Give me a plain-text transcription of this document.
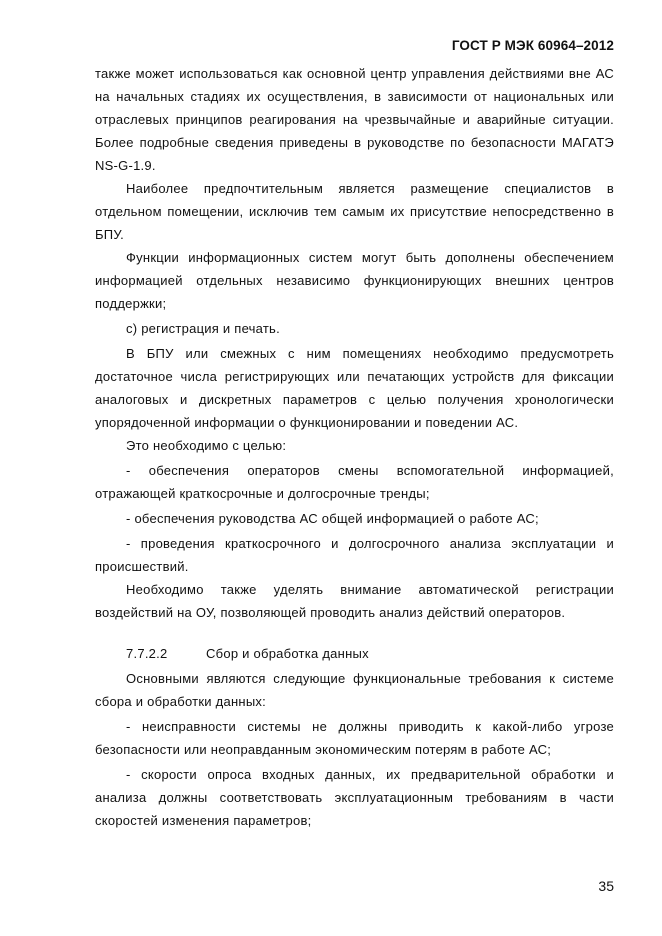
ГОСТ Р МЭК 60964–2012

также может использоваться как основной центр управления действиями вне АС на начальных стадиях их осуществления, в зависимости от национальных или отраслевых принципов реагирования на чрезвычайные и аварийные ситуации. Более подробные сведения приведены в руководстве по безопасности МАГАТЭ NS-G-1.9.

Наиболее предпочтительным является размещение специалистов в отдельном помещении, исключив тем самым их присутствие непосредственно в БПУ.

Функции информационных систем могут быть дополнены обеспечением информацией отдельных независимо функционирующих внешних центров поддержки;

с) регистрация и печать.

В БПУ или смежных с ним помещениях необходимо предусмотреть достаточное числа регистрирующих или печатающих устройств для фиксации аналоговых и дискретных параметров с целью получения хронологически упорядоченной информации о функционировании и поведении АС.

Это необходимо с целью:

- обеспечения операторов смены вспомогательной информацией, отражающей краткосрочные и долгосрочные тренды;

- обеспечения руководства АС общей информацией о работе АС;

- проведения краткосрочного и долгосрочного анализа эксплуатации и происшествий.

Необходимо также уделять внимание автоматической регистрации воздействий на ОУ, позволяющей проводить анализ действий операторов.

7.7.2.2	Сбор и обработка данных

Основными являются следующие функциональные требования к системе сбора и обработки данных:

- неисправности системы не должны приводить к какой-либо угрозе безопасности или неоправданным экономическим потерям в работе АС;

- скорости опроса входных данных, их предварительной обработки и анализа должны соответствовать эксплуатационным требованиям в части скоростей изменения параметров;

35
